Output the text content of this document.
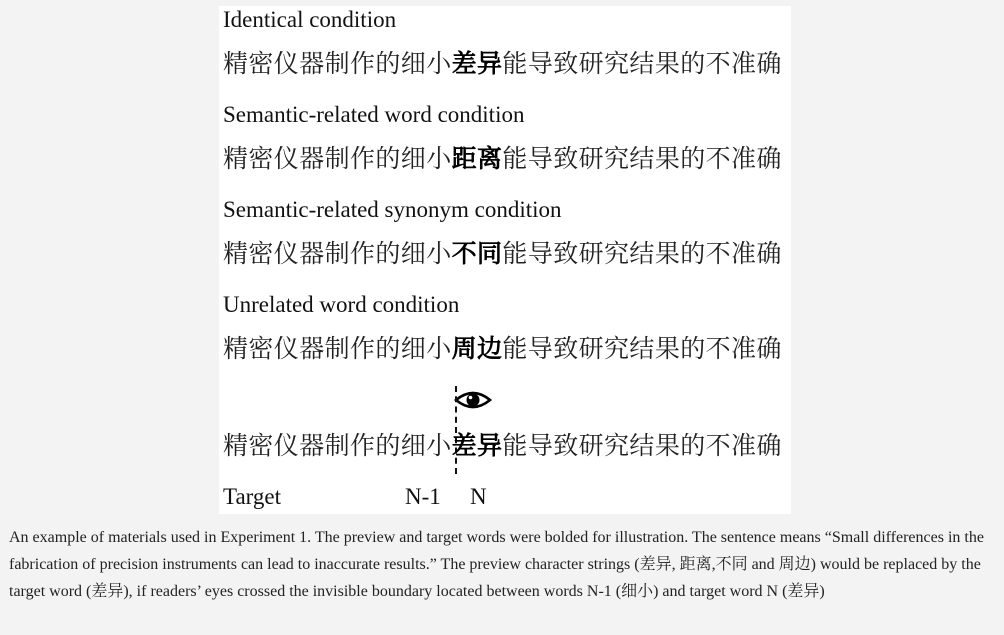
Identical condition
精密仪器制作的细小差异能导致研究结果的不准确
Semantic-related word condition
精密仪器制作的细小距离能导致研究结果的不准确
Semantic-related synonym condition
精密仪器制作的细小不同能导致研究结果的不准确
Unrelated word condition
精密仪器制作的细小周边能导致研究结果的不准确
精密仪器制作的细小差异能导致研究结果的不准确
Target	N-1 N
An example of materials used in Experiment 1. The preview and target words were bolded for illustration. The sentence means “Small differences in the fabrication of precision instruments can lead to inaccurate results.” The preview character strings (差异, 距离,不同 and 周边) would be replaced by the target word (差异), if readers’ eyes crossed the invisible boundary located between words N-1 (细小) and target word N (差异)
